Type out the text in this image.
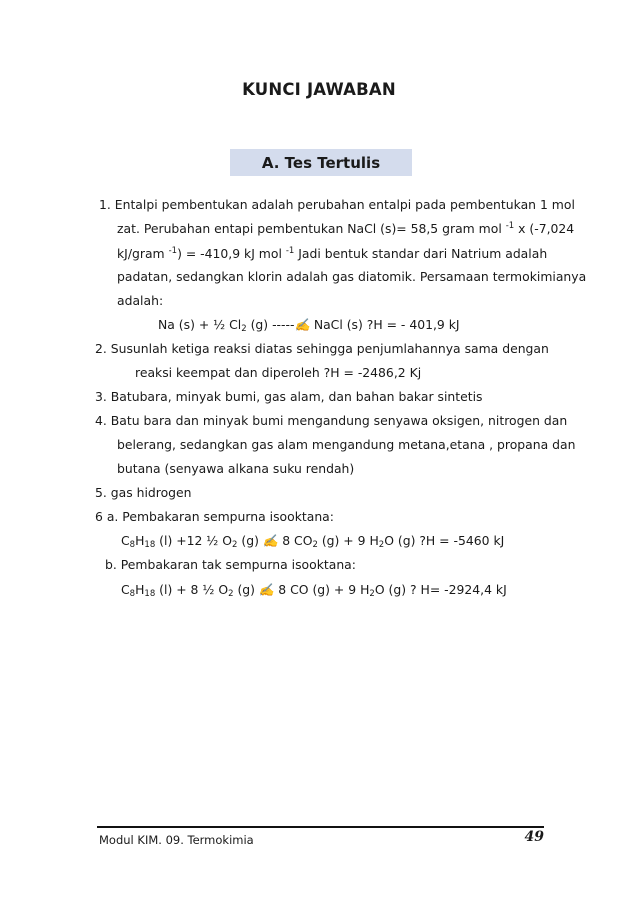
KUNCI JAWABAN
A. Tes Tertulis
1. Entalpi pembentukan adalah perubahan entalpi pada pembentukan 1 mol
zat. Perubahan entapi pembentukan NaCl (s)= 58,5 gram mol $^{-1}$ x (-7,024
kJ/gram $^{-1}$) = -410,9 kJ mol $^{-1}$ Jadi bentuk standar dari Natrium adalah
padatan, sedangkan klorin adalah gas diatomik. Persamaan termokimianya
adalah:
Na (s) + ½ $Cl_2$ (g) -----✍ NaCl (s) ?H = - 401,9 kJ
2. Susunlah ketiga reaksi diatas sehingga penjumlahannya sama dengan
reaksi keempat dan diperoleh ?H = -2486,2 Kj
3. Batubara, minyak bumi, gas alam, dan bahan bakar sintetis
4. Batu bara dan minyak bumi mengandung senyawa oksigen, nitrogen dan
belerang, sedangkan gas alam mengandung metana,etana , propana dan
butana (senyawa alkana suku rendah)
5. gas hidrogen
6 a. Pembakaran sempurna isooktana:
$C_8H_{18}$ (l) +12 ½ $O_2$ (g) ✍ 8 $CO_2$ (g) + 9 $H_2O$ (g) ?H = -5460 kJ
b. Pembakaran tak sempurna isooktana:
$C_8H_{18}$ (l) + 8 ½ $O_2$ (g) ✍ 8 CO (g) + 9 $H_2O$ (g) ? H= -2924,4 kJ
Modul KIM. 09. Termokimia	49
